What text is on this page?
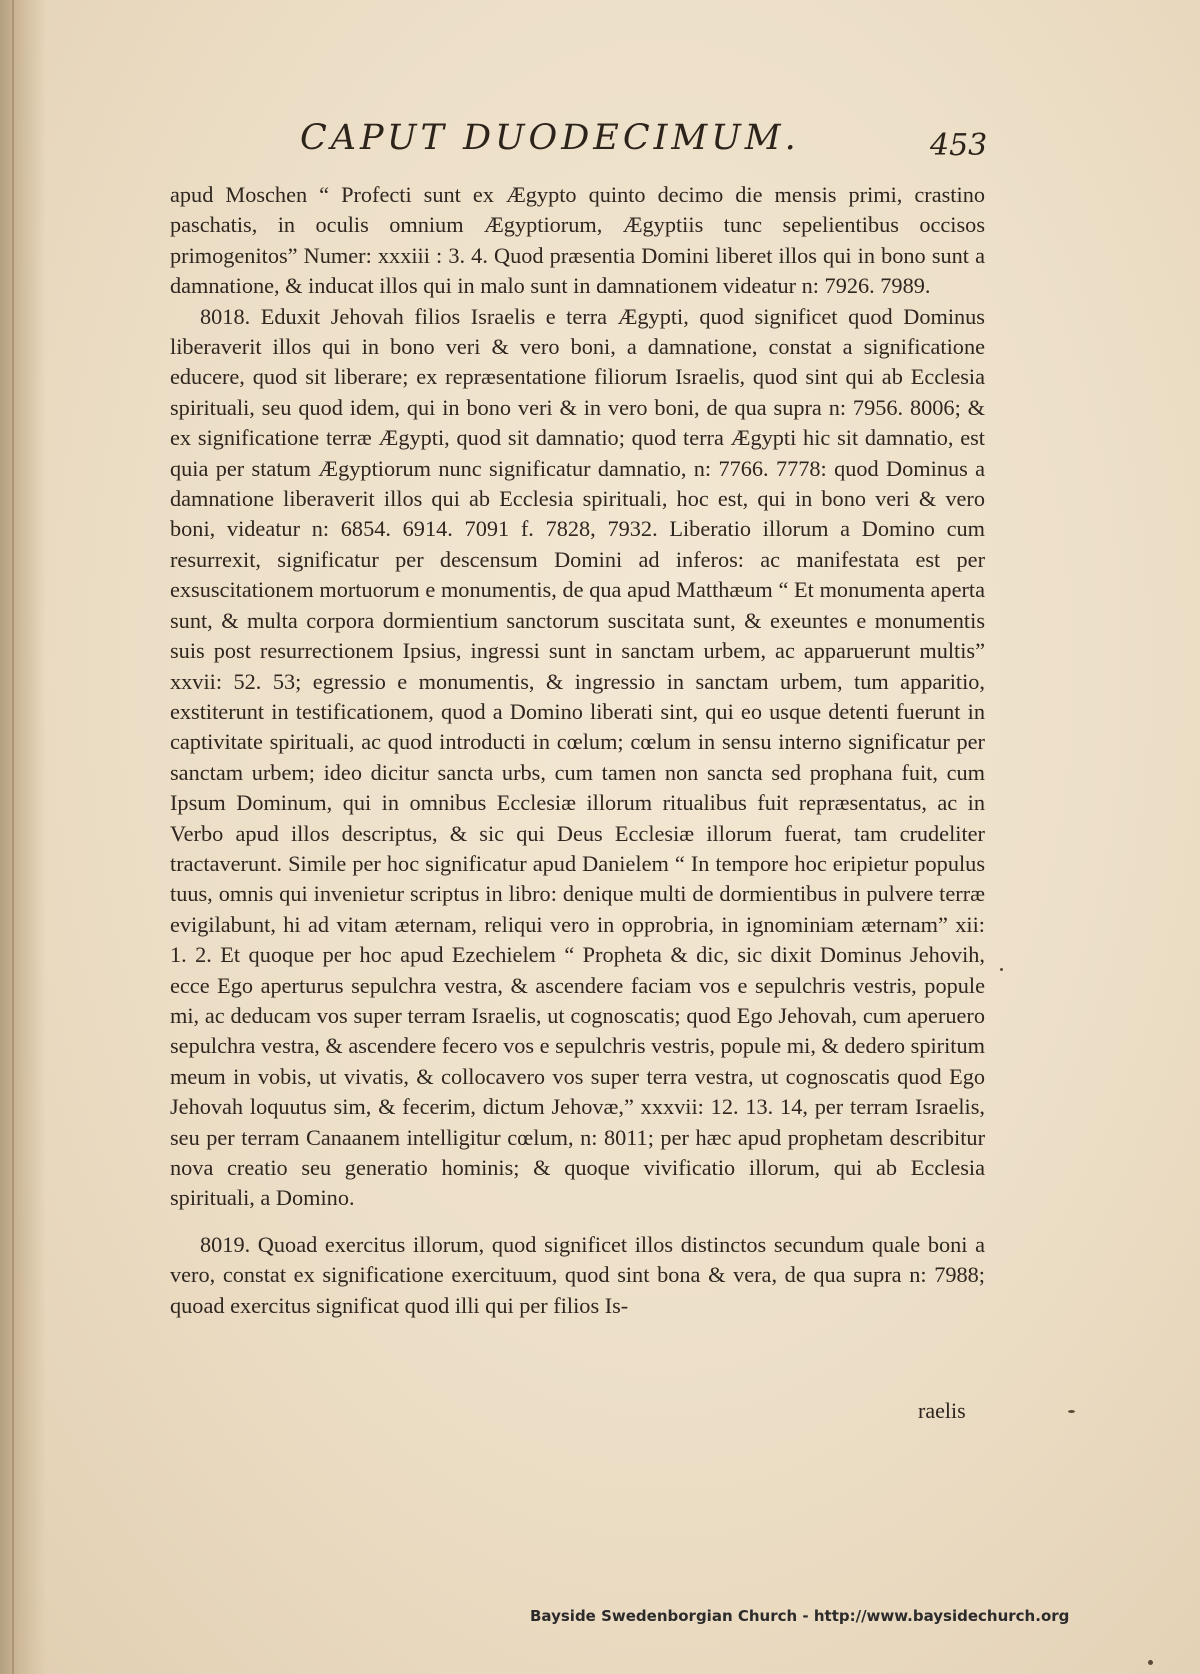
CAPUT DUODECIMUM.	453

apud Moschen “ Profecti sunt ex Ægypto quinto decimo die mensis primi, crastino paschatis, in oculis omnium Ægyptiorum, Ægyptiis tunc sepelientibus occisos primogenitos” Numer: xxxiii : 3. 4. Quod præsentia Domini liberet illos qui in bono sunt a damnatione, & inducat illos qui in malo sunt in damnationem videatur n: 7926. 7989.

8018. Eduxit Jehovah filios Israelis e terra Ægypti, quod significet quod Dominus liberaverit illos qui in bono veri & vero boni, a damnatione, constat a significatione educere, quod sit liberare; ex repræsentatione filiorum Israelis, quod sint qui ab Ecclesia spirituali, seu quod idem, qui in bono veri & in vero boni, de qua supra n: 7956. 8006; & ex significatione terræ Ægypti, quod sit damnatio; quod terra Ægypti hic sit damnatio, est quia per statum Ægyptiorum nunc significatur damnatio, n: 7766. 7778: quod Dominus a damnatione liberaverit illos qui ab Ecclesia spirituali, hoc est, qui in bono veri & vero boni, videatur n: 6854. 6914. 7091 f. 7828, 7932. Liberatio illorum a Domino cum resurrexit, significatur per descensum Domini ad inferos: ac manifestata est per exsuscitationem mortuorum e monumentis, de qua apud Matthæum “ Et monumenta aperta sunt, & multa corpora dormientium sanctorum suscitata sunt, & exeuntes e monumentis suis post resurrectionem Ipsius, ingressi sunt in sanctam urbem, ac apparuerunt multis” xxvii: 52. 53; egressio e monumentis, & ingressio in sanctam urbem, tum apparitio, exstiterunt in testificationem, quod a Domino liberati sint, qui eo usque detenti fuerunt in captivitate spirituali, ac quod introducti in cœlum; cœlum in sensu interno significatur per sanctam urbem; ideo dicitur sancta urbs, cum tamen non sancta sed prophana fuit, cum Ipsum Dominum, qui in omnibus Ecclesiæ illorum ritualibus fuit repræsentatus, ac in Verbo apud illos descriptus, & sic qui Deus Ecclesiæ illorum fuerat, tam crudeliter tractaverunt. Simile per hoc significatur apud Danielem “ In tempore hoc eripietur populus tuus, omnis qui invenietur scriptus in libro: denique multi de dormientibus in pulvere terræ evigilabunt, hi ad vitam æternam, reliqui vero in opprobria, in ignominiam æternam” xii: 1. 2. Et quoque per hoc apud Ezechielem “ Propheta & dic, sic dixit Dominus Jehovih, ecce Ego aperturus sepulchra vestra, & ascendere faciam vos e sepulchris vestris, popule mi, ac deducam vos super terram Israelis, ut cognoscatis; quod Ego Jehovah, cum aperuero sepulchra vestra, & ascendere fecero vos e sepulchris vestris, popule mi, & dedero spiritum meum in vobis, ut vivatis, & collocavero vos super terra vestra, ut cognoscatis quod Ego Jehovah loquutus sim, & fecerim, dictum Jehovæ,” xxxvii: 12. 13. 14, per terram Israelis, seu per terram Canaanem intelligitur cœlum, n: 8011; per hæc apud prophetam describitur nova creatio seu generatio hominis; & quoque vivificatio illorum, qui ab Ecclesia spirituali, a Domino.

8019. Quoad exercitus illorum, quod significet illos distinctos secundum quale boni a vero, constat ex significatione exercituum, quod sint bona & vera, de qua supra n: 7988; quoad exercitus significat quod illi qui per filios Is-

raelis
Bayside Swedenborgian Church - http://www.baysidechurch.org
